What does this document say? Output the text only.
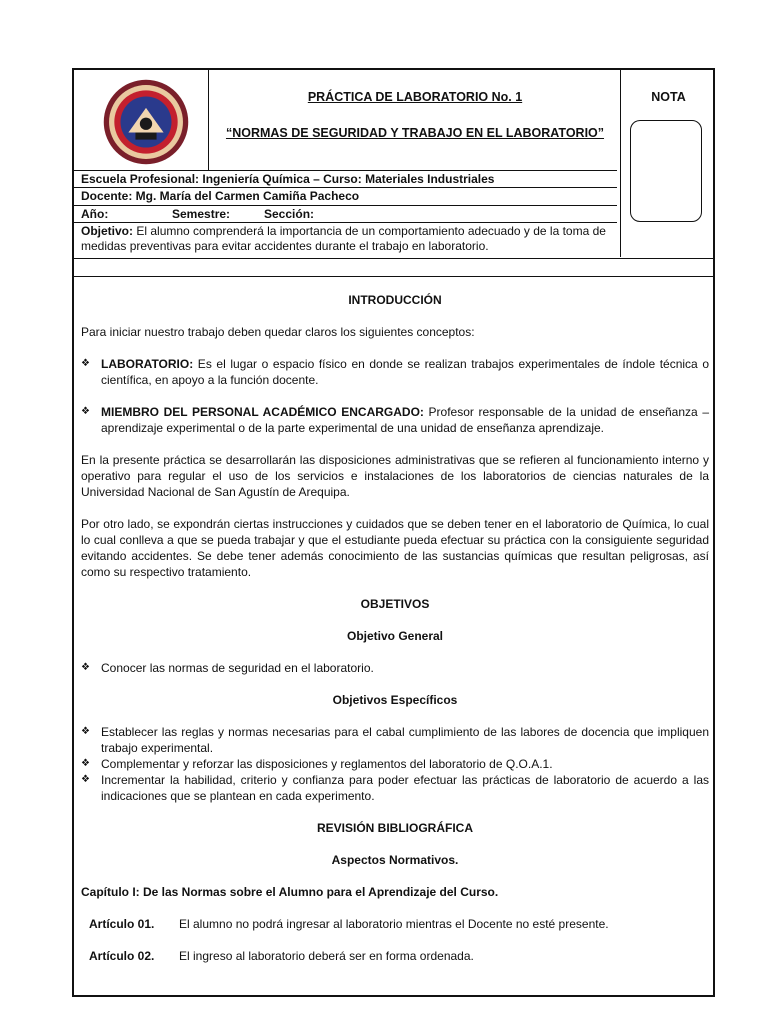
PRÁCTICA DE LABORATORIO No. 1
“NORMAS DE SEGURIDAD Y TRABAJO EN EL LABORATORIO”
NOTA
Escuela Profesional: Ingeniería Química – Curso: Materiales Industriales
Docente: Mg. María del Carmen Camiña Pacheco
Año:	Semestre:	Sección:
Objetivo: El alumno comprenderá la importancia de un comportamiento adecuado y de la toma de medidas preventivas para evitar accidentes durante el trabajo en laboratorio.
INTRODUCCIÓN

Para iniciar nuestro trabajo deben quedar claros los siguientes conceptos:

❖ LABORATORIO: Es el lugar o espacio físico en donde se realizan trabajos experimentales de índole técnica o científica, en apoyo a la función docente.
❖ MIEMBRO DEL PERSONAL ACADÉMICO ENCARGADO: Profesor responsable de la unidad de enseñanza – aprendizaje experimental o de la parte experimental de una unidad de enseñanza aprendizaje.

En la presente práctica se desarrollarán las disposiciones administrativas que se refieren al funcionamiento interno y operativo para regular el uso de los servicios e instalaciones de los laboratorios de ciencias naturales de la Universidad Nacional de San Agustín de Arequipa.

Por otro lado, se expondrán ciertas instrucciones y cuidados que se deben tener en el laboratorio de Química, lo cual lo cual conlleva a que se pueda trabajar y que el estudiante pueda efectuar su práctica con la consiguiente seguridad evitando accidentes. Se debe tener además conocimiento de las sustancias químicas que resultan peligrosas, así como su respectivo tratamiento.

OBJETIVOS
Objetivo General
❖ Conocer las normas de seguridad en el laboratorio.
Objetivos Específicos
❖ Establecer las reglas y normas necesarias para el cabal cumplimiento de las labores de docencia que impliquen trabajo experimental.
❖ Complementar y reforzar las disposiciones y reglamentos del laboratorio de Q.O.A.1.
❖ Incrementar la habilidad, criterio y confianza para poder efectuar las prácticas de laboratorio de acuerdo a las indicaciones que se plantean en cada experimento.
REVISIÓN BIBLIOGRÁFICA
Aspectos Normativos.

Capítulo I: De las Normas sobre el Alumno para el Aprendizaje del Curso.

Artículo 01.	El alumno no podrá ingresar al laboratorio mientras el Docente no esté presente.
Artículo 02.	El ingreso al laboratorio deberá ser en forma ordenada.
